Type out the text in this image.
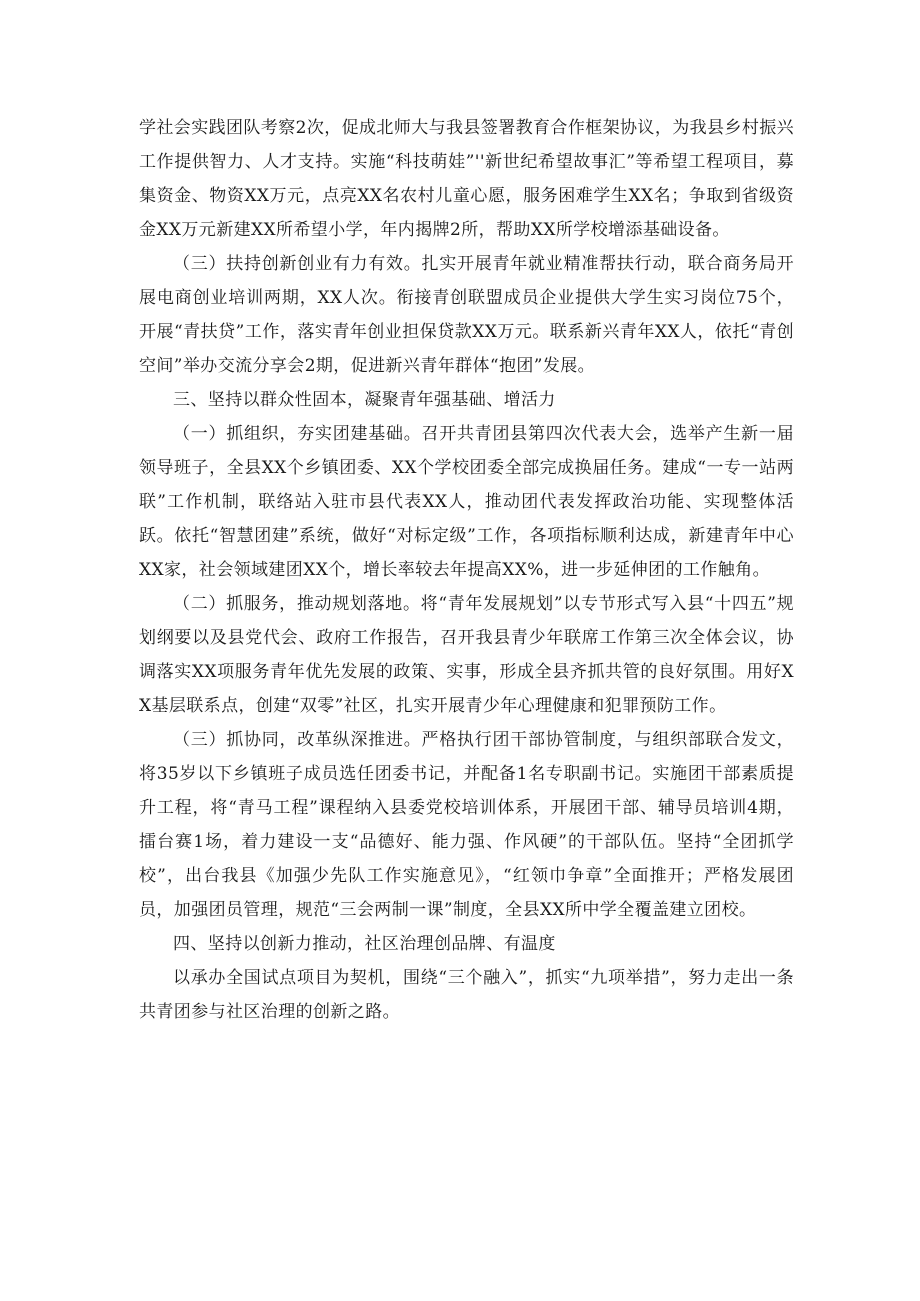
学社会实践团队考察2次，促成北师大与我县签署教育合作框架协议，为我县乡村振兴工作提供智力、人才支持。实施“科技萌娃”''新世纪希望故事汇”等希望工程项目，募集资金、物资XX万元，点亮XX名农村儿童心愿，服务困难学生XX名；争取到省级资金XX万元新建XX所希望小学，年内揭牌2所，帮助XX所学校增添基础设备。

（三）扶持创新创业有力有效。扎实开展青年就业精准帮扶行动，联合商务局开展电商创业培训两期，XX人次。衔接青创联盟成员企业提供大学生实习岗位75个，开展“青扶贷”工作，落实青年创业担保贷款XX万元。联系新兴青年XX人，依托“青创空间”举办交流分享会2期，促进新兴青年群体“抱团”发展。

三、坚持以群众性固本，凝聚青年强基础、增活力

（一）抓组织，夯实团建基础。召开共青团县第四次代表大会，选举产生新一届领导班子，全县XX个乡镇团委、XX个学校团委全部完成换届任务。建成“一专一站两联”工作机制，联络站入驻市县代表XX人，推动团代表发挥政治功能、实现整体活跃。依托“智慧团建”系统，做好“对标定级”工作，各项指标顺利达成，新建青年中心XX家，社会领域建团XX个，增长率较去年提高XX%，进一步延伸团的工作触角。

（二）抓服务，推动规划落地。将“青年发展规划”以专节形式写入县“十四五”规划纲要以及县党代会、政府工作报告，召开我县青少年联席工作第三次全体会议，协调落实XX项服务青年优先发展的政策、实事，形成全县齐抓共管的良好氛围。用好XX基层联系点，创建“双零”社区，扎实开展青少年心理健康和犯罪预防工作。

（三）抓协同，改革纵深推进。严格执行团干部协管制度，与组织部联合发文，将35岁以下乡镇班子成员选任团委书记，并配备1名专职副书记。实施团干部素质提升工程，将“青马工程”课程纳入县委党校培训体系，开展团干部、辅导员培训4期，擂台赛1场，着力建设一支“品德好、能力强、作风硬”的干部队伍。坚持“全团抓学校”，出台我县《加强少先队工作实施意见》，“红领巾争章”全面推开；严格发展团员，加强团员管理，规范“三会两制一课”制度，全县XX所中学全覆盖建立团校。

四、坚持以创新力推动，社区治理创品牌、有温度

以承办全国试点项目为契机，围绕“三个融入”，抓实“九项举措”，努力走出一条共青团参与社区治理的创新之路。
